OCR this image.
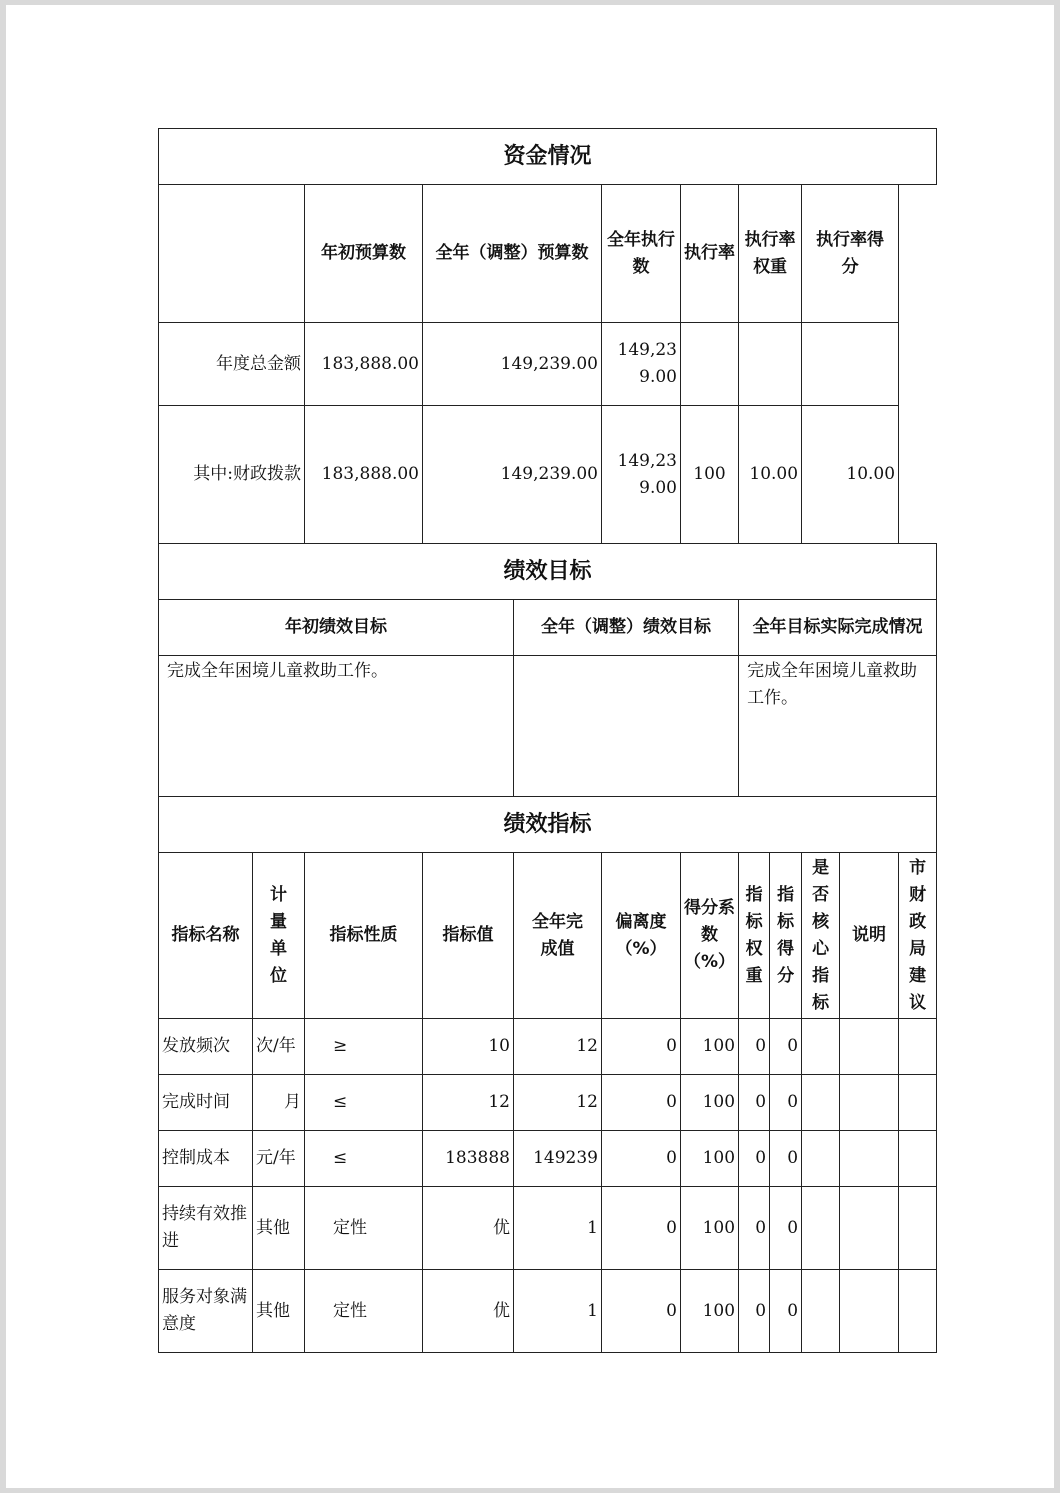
资金情况											
		年初预算数	全年（调整）预算数		全年执行数	执行率	执行率权重		执行率得分		
年度总金额		183,888.00	149,239.00		149,239.00						
其中:财政拨款		183,888.00	149,239.00		149,239.00	100	10.00		10.00		
绩效目标											
年初绩效目标				全年（调整）绩效目标			全年目标实际完成情况				
完成全年困境儿童救助工作。							完成全年困境儿童救助工作。				
绩效指标											
指标名称	计量单位	指标性质	指标值	全年完成值	偏离度（%）	得分系数（%）	指标权重	指标得分	是否核心指标	说明	市财政局建议
发放频次	次/年	≥	10	12	0	100	0	0			
完成时间	月	≤	12	12	0	100	0	0			
控制成本	元/年	≤	183888	149239	0	100	0	0			
持续有效推进	其他	定性	优	1	0	100	0	0			
服务对象满意度	其他	定性	优	1	0	100	0	0			
